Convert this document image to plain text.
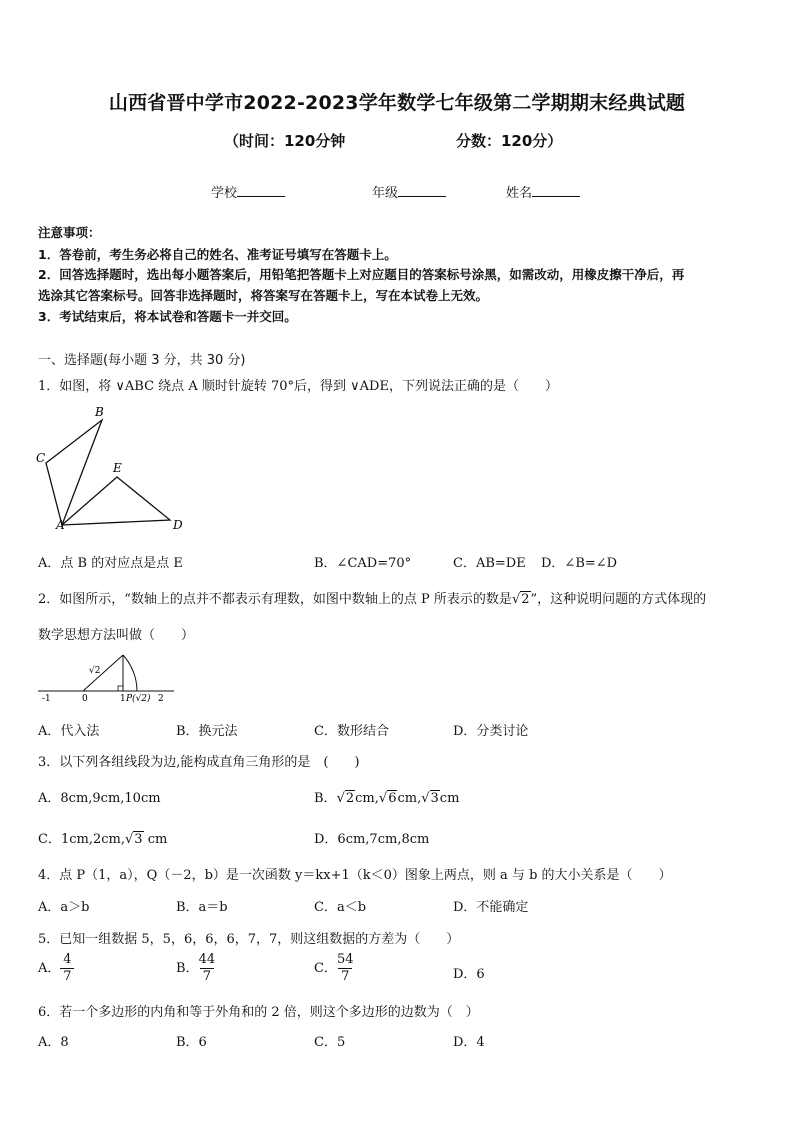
山西省晋中学市2022-2023学年数学七年级第二学期期末经典试题
（时间：120分钟	分数：120分）
学校	年级	姓名
注意事项：
1．答卷前，考生务必将自己的姓名、准考证号填写在答题卡上。
2．回答选择题时，选出每小题答案后，用铅笔把答题卡上对应题目的答案标号涂黑，如需改动，用橡皮擦干净后，再
选涂其它答案标号。回答非选择题时，将答案写在答题卡上，写在本试卷上无效。
3．考试结束后，将本试卷和答题卡一并交回。
一、选择题(每小题 3 分，共 30 分)
1．如图，将 ∨ABC 绕点 A 顺时针旋转 70°后，得到 ∨ADE，下列说法正确的是（　　）
B
C
E
A	D
A．点 B 的对应点是点 E	B．∠CAD=70°	C．AB=DE D．∠B=∠D
2．如图所示，“数轴上的点并不都表示有理数，如图中数轴上的点 P 所表示的数是√2”，这种说明问题的方式体现的
数学思想方法叫做（　　）
√2
-1	0	1 P(√2) 2
A．代入法	B．换元法	C．数形结合	D．分类讨论
3．以下列各组线段为边,能构成直角三角形的是　(　　)
A．8cm,9cm,10cm	B．√2cm,√6cm,√3cm
C．1cm,2cm,√3 cm	D．6cm,7cm,8cm
4．点 P（1，a），Q（－2，b）是一次函数 y＝kx+1（k＜0）图象上两点，则 a 与 b 的大小关系是（　　）
A．a＞b	B．a＝b	C．a＜b	D．不能确定
5．已知一组数据 5，5，6，6，6，7，7，则这组数据的方差为（　　）
A． $\frac{4}{7}$	B． $\frac{44}{7}$	C． $\frac{54}{7}$	D．6
6．若一个多边形的内角和等于外角和的 2 倍，则这个多边形的边数为（　）
A．8	B．6	C．5	D．4
